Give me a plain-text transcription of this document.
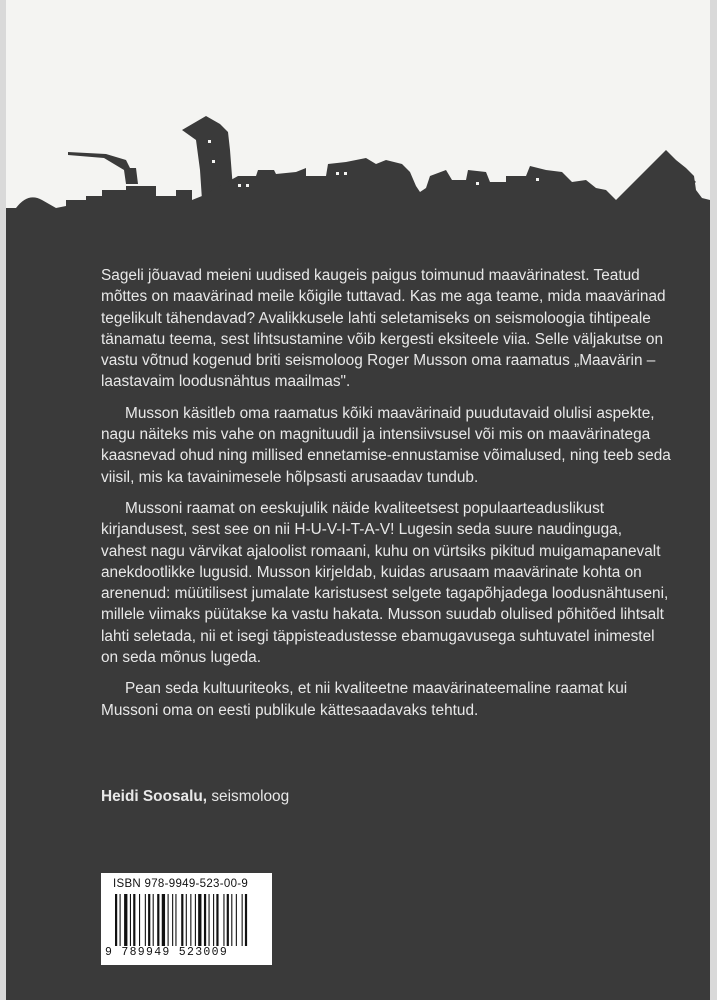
Sageli jõuavad meieni uudised kaugeis paigus toimunud maavärinatest. Teatud mõttes on maavärinad meile kõigile tuttavad. Kas me aga teame, mida maavärinad tegelikult tähendavad? Avalikkusele lahti seletamiseks on seismoloogia tihtipeale tänamatu teema, sest lihtsustamine võib kergesti eksiteele viia. Selle väljakutse on vastu võtnud kogenud briti seismoloog Roger Musson oma raamatus „Maavärin – laastavaim loodusnähtus maailmas".

Musson käsitleb oma raamatus kõiki maavärinaid puudutavaid olulisi aspekte, nagu näiteks mis vahe on magnituudil ja intensiivsusel või mis on maavärinatega kaasnevad ohud ning millised ennetamise-ennustamise võimalused, ning teeb seda viisil, mis ka tavainimesele hõlpsasti arusaadav tundub.

Mussoni raamat on eeskujulik näide kvaliteetsest populaarteaduslikust kirjandusest, sest see on nii H-U-V-I-T-A-V! Lugesin seda suure naudinguga, vahest nagu värvikat ajaloolist romaani, kuhu on vürtsiks pikitud muigamapanevalt anekdootlikke lugusid. Musson kirjeldab, kuidas arusaam maavärinate kohta on arenenud: müütilisest jumalate karistusest selgete tagapõhjadega loodusnähtuseni, millele viimaks püütakse ka vastu hakata. Musson suudab olulised põhitõed lihtsalt lahti seletada, nii et isegi täppisteadustesse ebamugavusega suhtuvatel inimestel on seda mõnus lugeda.

Pean seda kultuuriteoks, et nii kvaliteetne maavärinateemaline raamat kui Mussoni oma on eesti publikule kättesaadavaks tehtud.

Heidi Soosalu, seismoloog
ISBN 978-9949-523-00-9
9 789949 523009
